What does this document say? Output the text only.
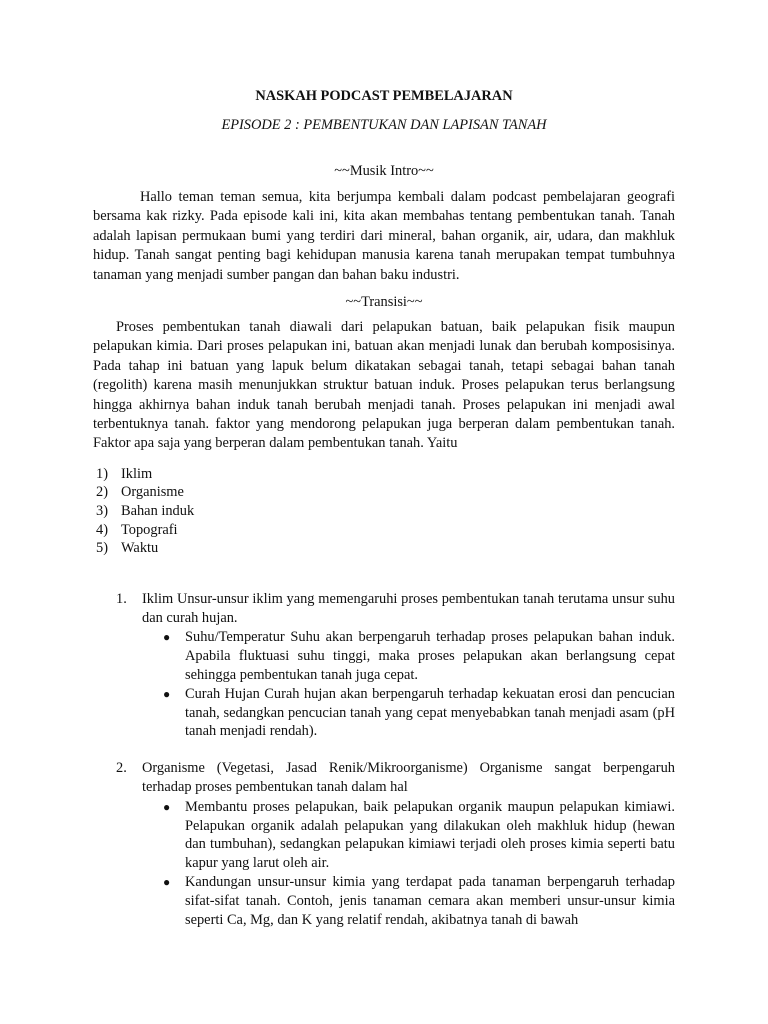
NASKAH PODCAST PEMBELAJARAN

EPISODE 2 : PEMBENTUKAN DAN LAPISAN TANAH

~~Musik Intro~~

Hallo teman teman semua, kita berjumpa kembali dalam podcast pembelajaran geografi bersama kak rizky. Pada episode kali ini, kita akan membahas tentang pembentukan tanah. Tanah adalah lapisan permukaan bumi yang terdiri dari mineral, bahan organik, air, udara, dan makhluk hidup. Tanah sangat penting bagi kehidupan manusia karena tanah merupakan tempat tumbuhnya tanaman yang menjadi sumber pangan dan bahan baku industri.

~~Transisi~~

Proses pembentukan tanah diawali dari pelapukan batuan, baik pelapukan fisik maupun pelapukan kimia. Dari proses pelapukan ini, batuan akan menjadi lunak dan berubah komposisinya. Pada tahap ini batuan yang lapuk belum dikatakan sebagai tanah, tetapi sebagai bahan tanah (regolith) karena masih menunjukkan struktur batuan induk. Proses pelapukan terus berlangsung hingga akhirnya bahan induk tanah berubah menjadi tanah. Proses pelapukan ini menjadi awal terbentuknya tanah. faktor yang mendorong pelapukan juga berperan dalam pembentukan tanah. Faktor apa saja yang berperan dalam pembentukan tanah. Yaitu

1) Iklim
2) Organisme
3) Bahan induk
4) Topografi
5) Waktu
1.	Iklim Unsur-unsur iklim yang memengaruhi proses pembentukan tanah terutama unsur suhu dan curah hujan.
● Suhu/Temperatur Suhu akan berpengaruh terhadap proses pelapukan bahan induk. Apabila fluktuasi suhu tinggi, maka proses pelapukan akan berlangsung cepat sehingga pembentukan tanah juga cepat.
● Curah Hujan Curah hujan akan berpengaruh terhadap kekuatan erosi dan pencucian tanah, sedangkan pencucian tanah yang cepat menyebabkan tanah menjadi asam (pH tanah menjadi rendah).
2.	Organisme (Vegetasi, Jasad Renik/Mikroorganisme) Organisme sangat berpengaruh terhadap proses pembentukan tanah dalam hal
● Membantu proses pelapukan, baik pelapukan organik maupun pelapukan kimiawi. Pelapukan organik adalah pelapukan yang dilakukan oleh makhluk hidup (hewan dan tumbuhan), sedangkan pelapukan kimiawi terjadi oleh proses kimia seperti batu kapur yang larut oleh air.
● Kandungan unsur-unsur kimia yang terdapat pada tanaman berpengaruh terhadap sifat-sifat tanah. Contoh, jenis tanaman cemara akan memberi unsur-unsur kimia seperti Ca, Mg, dan K yang relatif rendah, akibatnya tanah di bawah
